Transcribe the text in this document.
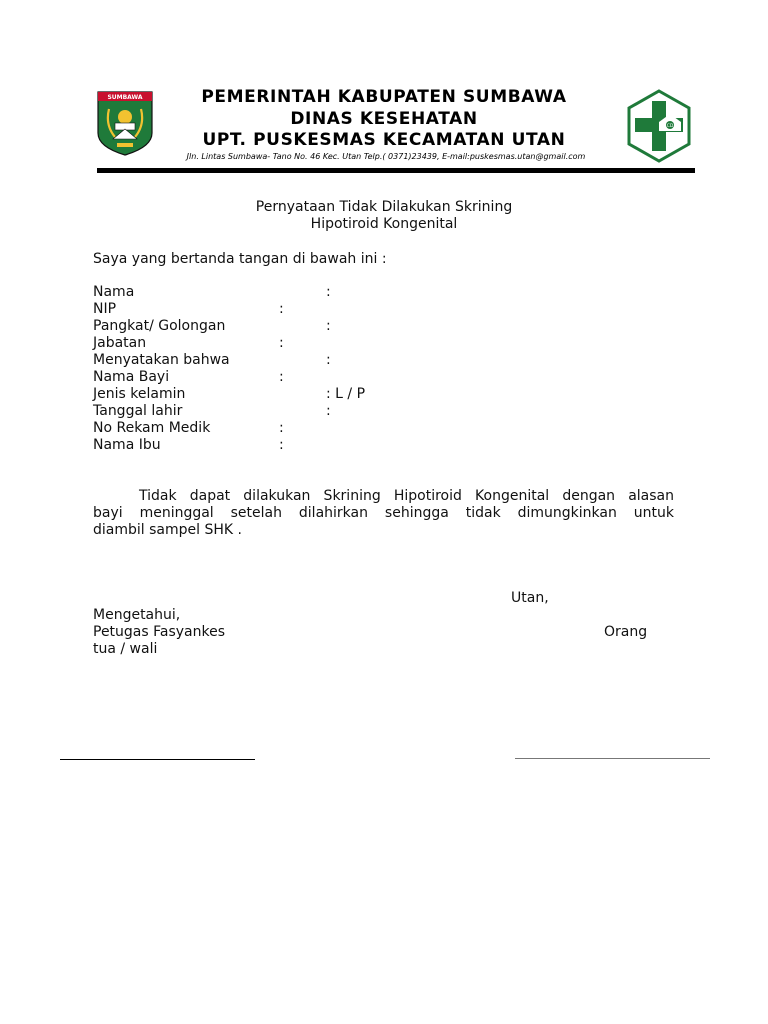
SUMBAWA
CD
PEMERINTAH KABUPATEN SUMBAWA
DINAS KESEHATAN
UPT. PUSKESMAS KECAMATAN UTAN
Jln. Lintas Sumbawa- Tano No. 46 Kec. Utan Telp.( 0371)23439, E-mail:puskesmas.utan@gmail.com
Pernyataan Tidak Dilakukan Skrining
Hipotiroid Kongenital
Saya yang bertanda tangan di bawah ini :
Nama	:
NIP	:
Pangkat/ Golongan	:
Jabatan	:
Menyatakan bahwa	:
Nama Bayi	:
Jenis kelamin	: L / P
Tanggal lahir	:
No Rekam Medik	:
Nama Ibu	:
Tidak dapat dilakukan Skrining Hipotiroid Kongenital dengan alasan
bayi meninggal setelah dilahirkan sehingga tidak dimungkinkan untuk
diambil sampel SHK .
Utan,
Mengetahui,
Petugas Fasyankes	Orang
tua / wali
